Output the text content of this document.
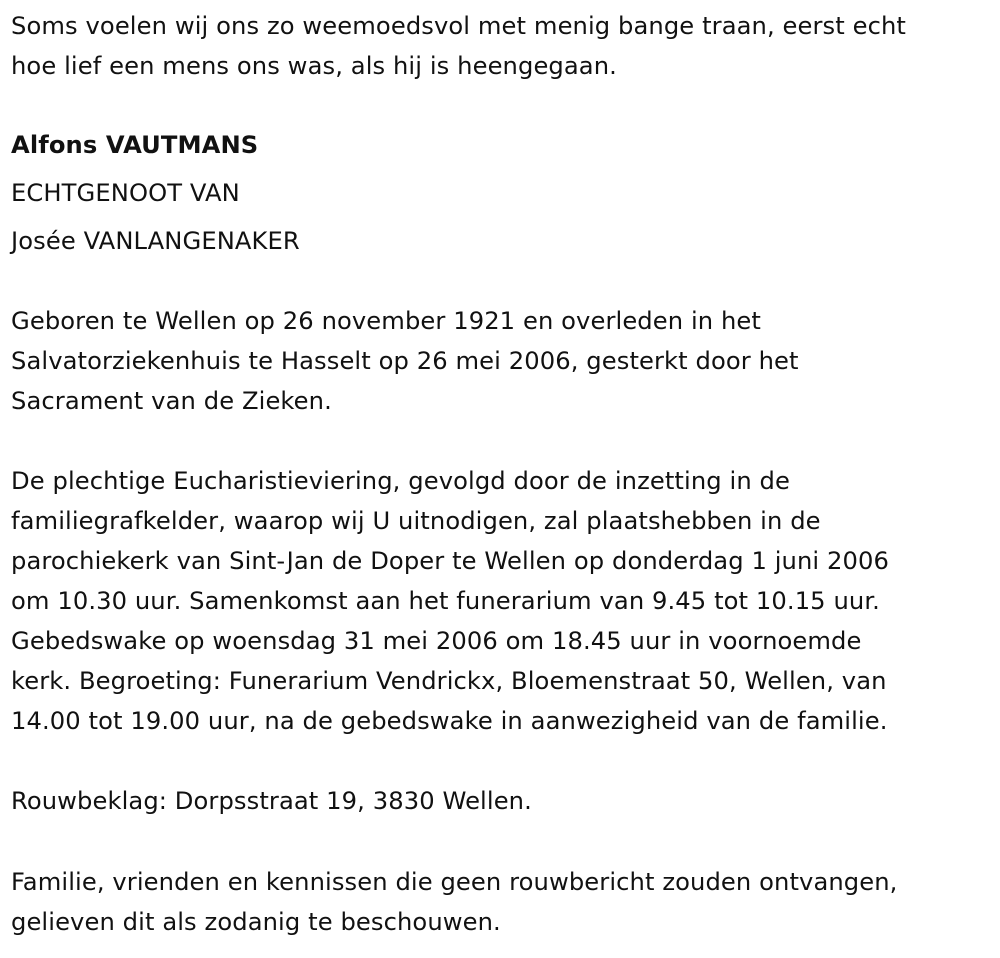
Soms voelen wij ons zo weemoedsvol met menig bange traan, eerst echt
hoe lief een mens ons was, als hij is heengegaan.
Alfons VAUTMANS
ECHTGENOOT VAN
Josée VANLANGENAKER
Geboren te Wellen op 26 november 1921 en overleden in het
Salvatorziekenhuis te Hasselt op 26 mei 2006, gesterkt door het
Sacrament van de Zieken.
De plechtige Eucharistieviering, gevolgd door de inzetting in de
familiegrafkelder, waarop wij U uitnodigen, zal plaatshebben in de
parochiekerk van Sint-Jan de Doper te Wellen op donderdag 1 juni 2006
om 10.30 uur. Samenkomst aan het funerarium van 9.45 tot 10.15 uur.
Gebedswake op woensdag 31 mei 2006 om 18.45 uur in voornoemde
kerk. Begroeting: Funerarium Vendrickx, Bloemenstraat 50, Wellen, van
14.00 tot 19.00 uur, na de gebedswake in aanwezigheid van de familie.
Rouwbeklag: Dorpsstraat 19, 3830 Wellen.
Familie, vrienden en kennissen die geen rouwbericht zouden ontvangen,
gelieven dit als zodanig te beschouwen.
